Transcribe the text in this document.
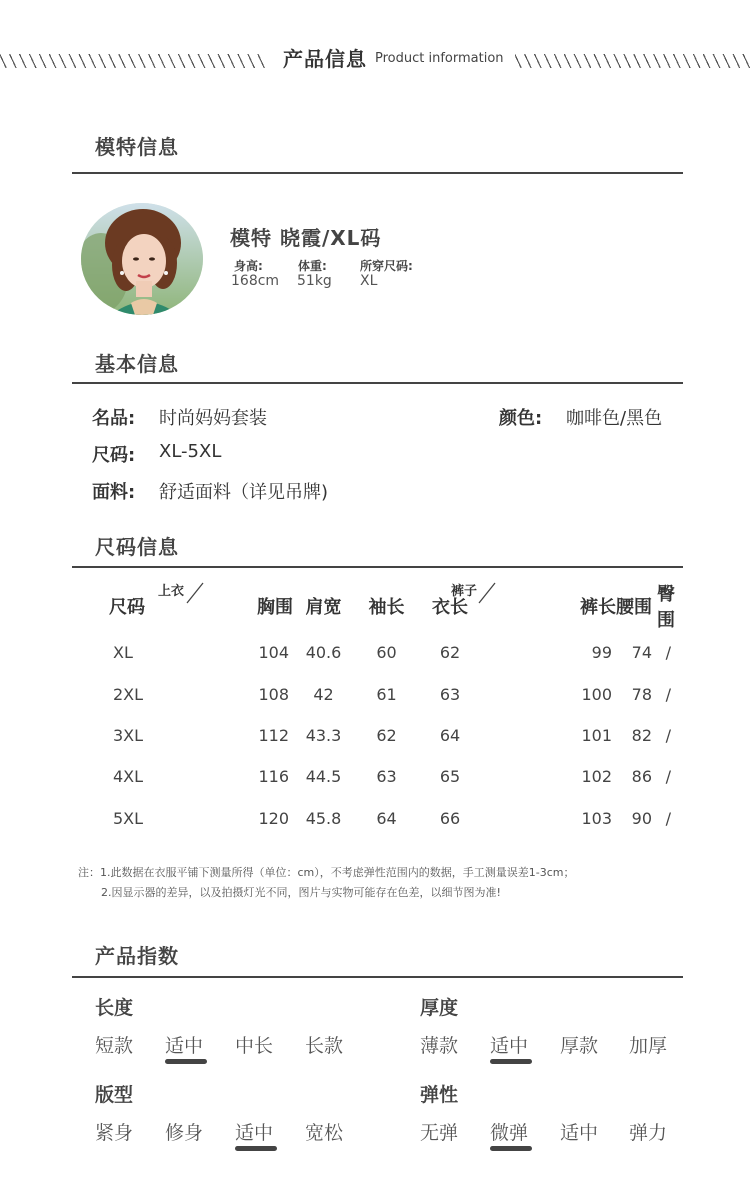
产品信息 Product information
模特信息
模特 晓霞/XL码
身高:
168cm
体重:
51kg
所穿尺码:
XL
基本信息
名品: 时尚妈妈套装	颜色: 咖啡色/黑色
尺码: XL-5XL
面料: 舒适面料（详见吊牌)
尺码信息
上衣	裤子
尺码	胸围	肩宽	袖长	衣长	裤长	腰围	臀围
XL	104	40.6	60	62	99	74	/
2XL	108	42	61	63	100	78	/
3XL	112	43.3	62	64	101	82	/
4XL	116	44.5	63	65	102	86	/
5XL	120	45.8	64	66	103	90	/
注：1.此数据在衣服平铺下测量所得（单位：cm），不考虑弹性范围内的数据，手工测量误差1-3cm；
2.因显示器的差异，以及拍摄灯光不同，图片与实物可能存在色差，以细节图为准!
产品指数
长度
短款 适中 中长 长款
厚度
薄款 适中 厚款 加厚
版型
紧身 修身 适中 宽松
弹性
无弹 微弹 适中 弹力
